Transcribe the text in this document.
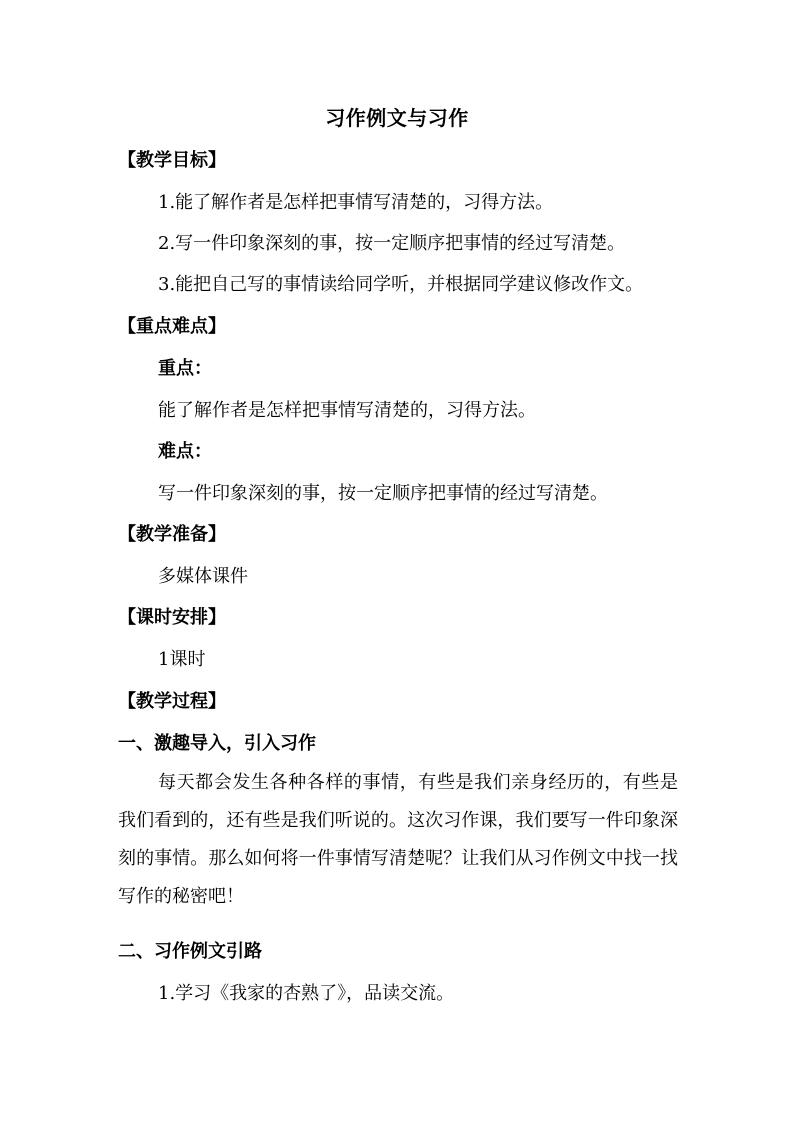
习作例文与习作
【教学目标】
1.能了解作者是怎样把事情写清楚的，习得方法。
2.写一件印象深刻的事，按一定顺序把事情的经过写清楚。
3.能把自己写的事情读给同学听，并根据同学建议修改作文。
【重点难点】
重点：
能了解作者是怎样把事情写清楚的，习得方法。
难点：
写一件印象深刻的事，按一定顺序把事情的经过写清楚。
【教学准备】
多媒体课件
【课时安排】
1课时
【教学过程】
一、激趣导入，引入习作
每天都会发生各种各样的事情，有些是我们亲身经历的，有些是我们看到的，还有些是我们听说的。这次习作课，我们要写一件印象深刻的事情。那么如何将一件事情写清楚呢？让我们从习作例文中找一找写作的秘密吧！
二、习作例文引路
1.学习《我家的杏熟了》，品读交流。
